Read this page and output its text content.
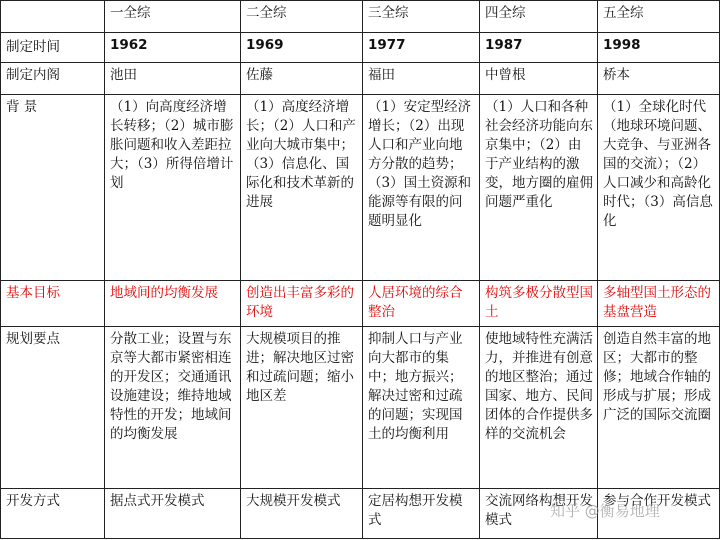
	一全综	二全综	三全综	四全综	五全综
制定时间	1962	1969	1977	1987	1998
制定内阁	池田	佐藤	福田	中曾根	桥本
背 景	（1）向高度经济增长转移；（2）城市膨胀问题和收入差距拉大；（3）所得倍增计划	（1）高度经济增长；（2）人口和产业向大城市集中；（3）信息化、国际化和技术革新的进展	（1）安定型经济增长；（2）出现人口和产业向地方分散的趋势；（3）国土资源和能源等有限的问题明显化	（1）人口和各种社会经济功能向东京集中；（2）由于产业结构的激变，地方圈的雇佣问题严重化	（1）全球化时代（地球环境问题、大竞争、与亚洲各国的交流）；（2）人口减少和高龄化时代；（3）高信息化
基本目标	地域间的均衡发展	创造出丰富多彩的环境	人居环境的综合整治	构筑多极分散型国土	多轴型国土形态的基盘营造
规划要点	分散工业；设置与东京等大都市紧密相连的开发区；交通通讯设施建设；维持地域特性的开发；地域间的均衡发展	大规模项目的推进；解决地区过密和过疏问题；缩小地区差	抑制人口与产业向大都市的集中；地方振兴；解决过密和过疏的问题；实现国土的均衡利用	使地域特性充满活力，并推进有创意的地区整治；通过国家、地方、民间团体的合作提供多样的交流机会	创造自然丰富的地区；大都市的整修；地域合作轴的形成与扩展；形成广泛的国际交流圈
开发方式	据点式开发模式	大规模开发模式	定居构想开发模式	交流网络构想开发模式	参与合作开发模式
知乎 @衡易地理
